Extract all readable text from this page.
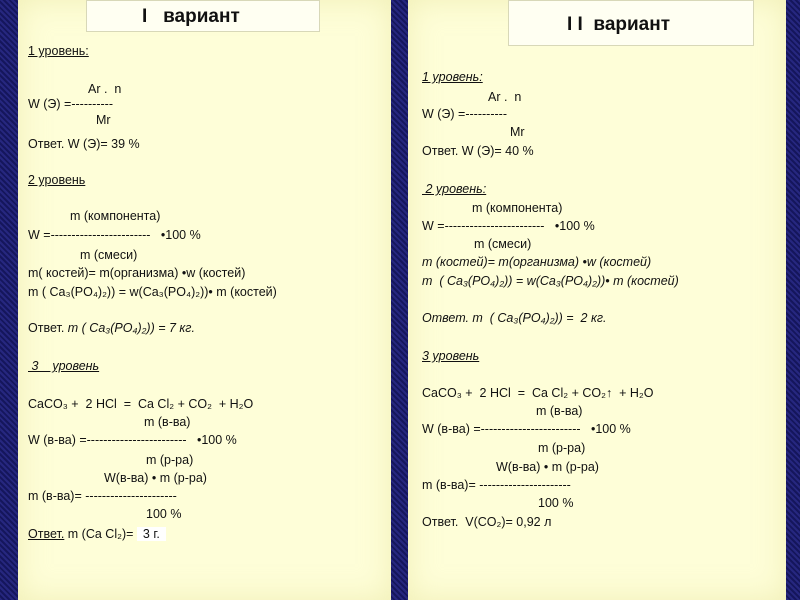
I   вариант
1 уровень:
Ar .  n
W (Э) =----------
Mr
Ответ. W (Э)= 39 %
2 уровень
m (компонента)
W =------------------------   •100 %
m (смеси)
m( костей)= m(организма) •w (костей)
m ( Ca₃(PO₄)₂)) = w(Ca₃(PO₄)₂))• m (костей)
Ответ. m ( Ca₃(PO₄)₂)) = 7 кг.
3    уровень
CaCO₃ +  2 HCl  =  Ca Cl₂ + CO₂  + H₂O
m (в-ва)
W (в-ва) =------------------------   •100 %
m (р-ра)
W(в-ва) • m (р-ра)
m (в-ва)= ----------------------
100 %
Ответ. m (Ca Cl₂)= 3 г.
I I  вариант
1 уровень:
Ar .  n
W (Э) =----------
Mr
Ответ. W (Э)= 40 %
2 уровень:
m (компонента)
W =------------------------   •100 %
m (смеси)
m (костей)= m(организма) •w (костей)
m  ( Ca₃(PO₄)₂)) = w(Ca₃(PO₄)₂))• m (костей)
Ответ. m  ( Ca₃(PO₄)₂)) =  2 кг.
3 уровень
CaCO₃ +  2 HCl  =  Ca Cl₂ + CO₂↑  + H₂O
m (в-ва)
W (в-ва) =------------------------   •100 %
m (р-ра)
W(в-ва) • m (р-ра)
m (в-ва)= ----------------------
100 %
Ответ.  V(CO₂)= 0,92 л
